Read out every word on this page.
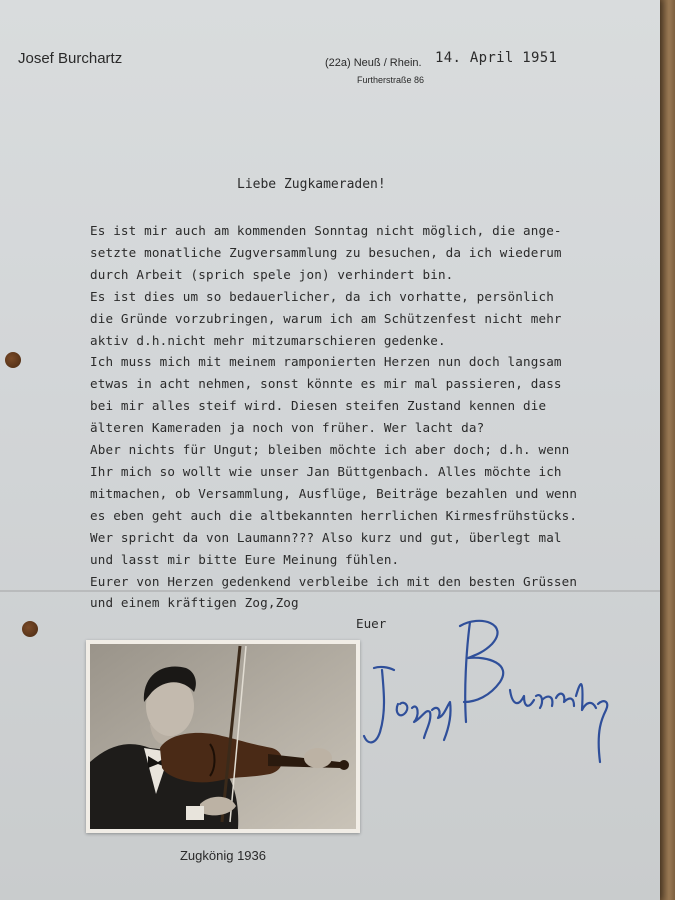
Josef Burchartz	(22a) Neuß / Rhein.
Furtherstraße 86
14. April 1951
Liebe Zugkameraden!
Es ist mir auch am kommenden Sonntag nicht möglich, die ange-
setzte monatliche Zugversammlung zu besuchen, da ich wiederum
durch Arbeit (sprich spele jon) verhindert bin.
Es ist dies um so bedauerlicher, da ich vorhatte, persönlich
die Gründe vorzubringen, warum ich am Schützenfest nicht mehr
aktiv d.h.nicht mehr mitzumarschieren gedenke.
Ich muss mich mit meinem ramponierten Herzen nun doch langsam
etwas in acht nehmen, sonst könnte es mir mal passieren, dass
bei mir alles steif wird. Diesen steifen Zustand kennen die
älteren Kameraden ja noch von früher. Wer lacht da?
Aber nichts für Ungut; bleiben möchte ich aber doch; d.h. wenn
Ihr mich so wollt wie unser Jan Büttgenbach. Alles möchte ich
mitmachen, ob Versammlung, Ausflüge, Beiträge bezahlen und wenn
es eben geht auch die altbekannten herrlichen Kirmesfrühstücks.
Wer spricht da von Laumann??? Also kurz und gut, überlegt mal
und lasst mir bitte Eure Meinung fühlen.
Eurer von Herzen gedenkend verbleibe ich mit den besten Grüssen
und einem kräftigen Zog,Zog
Euer
Zugkönig 1936
